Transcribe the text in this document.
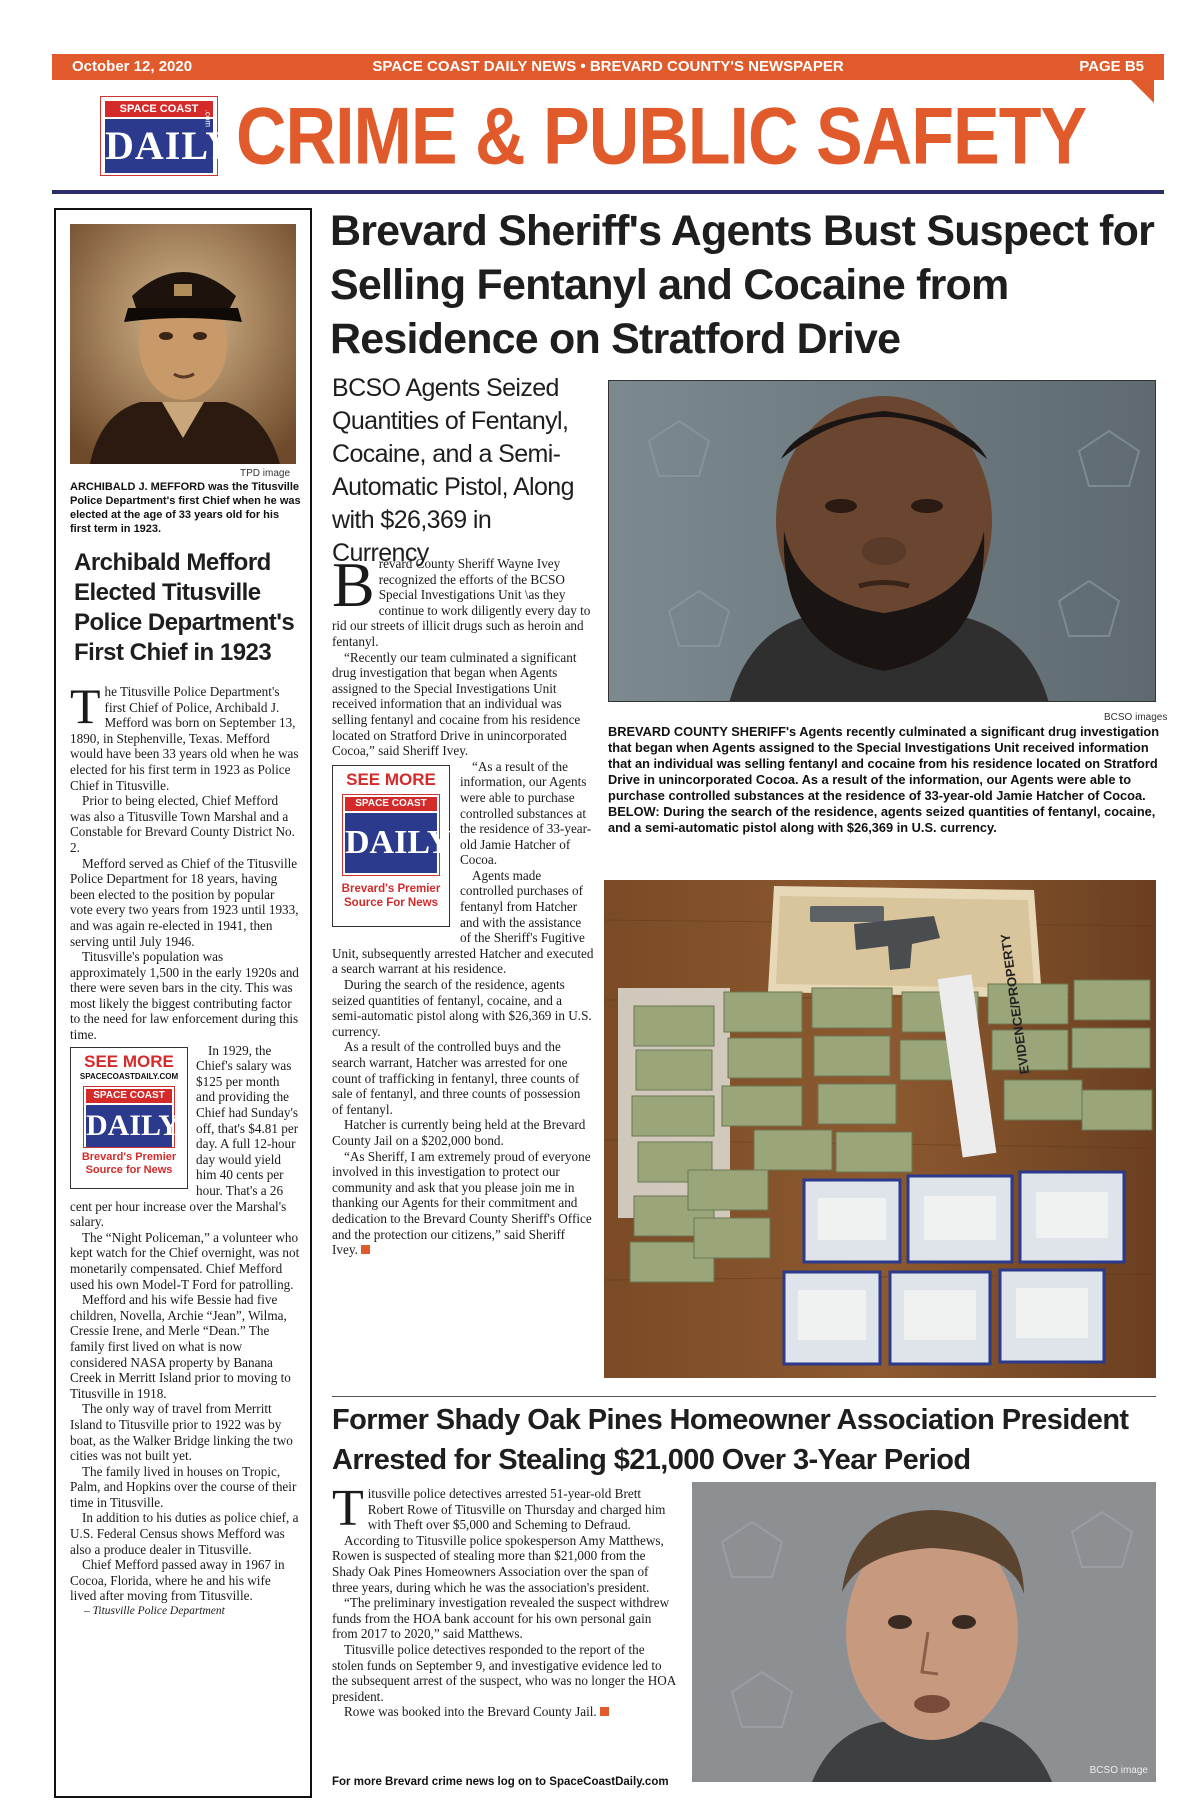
October 12, 2020	SPACE COAST DAILY NEWS • BREVARD COUNTY'S NEWSPAPER	PAGE B5
SPACE COAST
DAILY
.com CRIME & PUBLIC SAFETY
TPD image
ARCHIBALD J. MEFFORD was the Titusville Police Department's first Chief when he was elected at the age of 33 years old for his first term in 1923.
Archibald Mefford Elected Titusville Police Department's First Chief in 1923

The Titusville Police Department's first Chief of Police, Archibald J. Mefford was born on September 13, 1890, in Stephenville, Texas. Mefford would have been 33 years old when he was elected for his first term in 1923 as Police Chief in Titusville.

Prior to being elected, Chief Mefford was also a Titusville Town Marshal and a Constable for Brevard County District No. 2.

Mefford served as Chief of the Titusville Police Department for 18 years, having been elected to the position by popular vote every two years from 1923 until 1933, and was again re-elected in 1941, then serving until July 1946.

Titusville's population was approximately 1,500 in the early 1920s and there were seven bars in the city. This was most likely the biggest contributing factor to the need for law enforcement during this time.

SEE MORE
SPACECOASTDAILY.COM
SPACE COAST
DAILY
Brevard's Premier Source for News

In 1929, the Chief's salary was $125 per month and providing the Chief had Sunday's off, that's $4.81 per day. A full 12-hour day would yield him 40 cents per hour. That's a 26 cent per hour increase over the Marshal's salary.

The “Night Policeman,” a volunteer who kept watch for the Chief overnight, was not monetarily compensated. Chief Mefford used his own Model-T Ford for patrolling.

Mefford and his wife Bessie had five children, Novella, Archie “Jean”, Wilma, Cressie Irene, and Merle “Dean.” The family first lived on what is now considered NASA property by Banana Creek in Merritt Island prior to moving to Titusville in 1918.

The only way of travel from Merritt Island to Titusville prior to 1922 was by boat, as the Walker Bridge linking the two cities was not built yet.

The family lived in houses on Tropic, Palm, and Hopkins over the course of their time in Titusville.

In addition to his duties as police chief, a U.S. Federal Census shows Mefford was also a produce dealer in Titusville.

Chief Mefford passed away in 1967 in Cocoa, Florida, where he and his wife lived after moving from Titusville.

– Titusville Police Department

Brevard Sheriff's Agents Bust Suspect for Selling Fentanyl and Cocaine from Residence on Stratford Drive
BCSO Agents Seized Quantities of Fentanyl, Cocaine, and a Semi-Automatic Pistol, Along with $26,369 in Currency

Brevard County Sheriff Wayne Ivey recognized the efforts of the BCSO Special Investigations Unit \as they continue to work diligently every day to rid our streets of illicit drugs such as heroin and fentanyl.

“Recently our team culminated a significant drug investigation that began when Agents assigned to the Special Investigations Unit received information that an individual was selling fentanyl and cocaine from his residence located on Stratford Drive in unincorporated Cocoa,” said Sheriff Ivey.

SEE MORE
SPACE COAST
DAILY
Brevard's Premier Source For News

“As a result of the information, our Agents were able to purchase controlled substances at the residence of 33-year-old Jamie Hatcher of Cocoa.

Agents made controlled purchases of fentanyl from Hatcher and with the assistance of the Sheriff's Fugitive Unit, subsequently arrested Hatcher and executed a search warrant at his residence.

During the search of the residence, agents seized quantities of fentanyl, cocaine, and a semi-automatic pistol along with $26,369 in U.S. currency.

As a result of the controlled buys and the search warrant, Hatcher was arrested for one count of trafficking in fentanyl, three counts of sale of fentanyl, and three counts of possession of fentanyl.

Hatcher is currently being held at the Brevard County Jail on a $202,000 bond.

“As Sheriff, I am extremely proud of everyone involved in this investigation to protect our community and ask that you please join me in thanking our Agents for their commitment and dedication to the Brevard County Sheriff's Office and the protection our citizens,” said Sheriff Ivey.

BCSO images
BREVARD COUNTY SHERIFF's Agents recently culminated a significant drug investigation that began when Agents assigned to the Special Investigations Unit received information that an individual was selling fentanyl and cocaine from his residence located on Stratford Drive in unincorporated Cocoa. As a result of the information, our Agents were able to purchase controlled substances at the residence of 33-year-old Jamie Hatcher of Cocoa. BELOW: During the search of the residence, agents seized quantities of fentanyl, cocaine, and a semi-automatic pistol along with $26,369 in U.S. currency.
EVIDENCE/PROPERTY
Former Shady Oak Pines Homeowner Association President Arrested for Stealing $21,000 Over 3-Year Period

Titusville police detectives arrested 51-year-old Brett Robert Rowe of Titusville on Thursday and charged him with Theft over $5,000 and Scheming to Defraud.

According to Titusville police spokesperson Amy Matthews, Rowen is suspected of stealing more than $21,000 from the Shady Oak Pines Homeowners Association over the span of three years, during which he was the association's president.

“The preliminary investigation revealed the suspect withdrew funds from the HOA bank account for his own personal gain from 2017 to 2020,” said Matthews.

Titusville police detectives responded to the report of the stolen funds on September 9, and investigative evidence led to the subsequent arrest of the suspect, who was no longer the HOA president.

Rowe was booked into the Brevard County Jail.

For more Brevard crime news log on to SpaceCoastDaily.com
BCSO image
